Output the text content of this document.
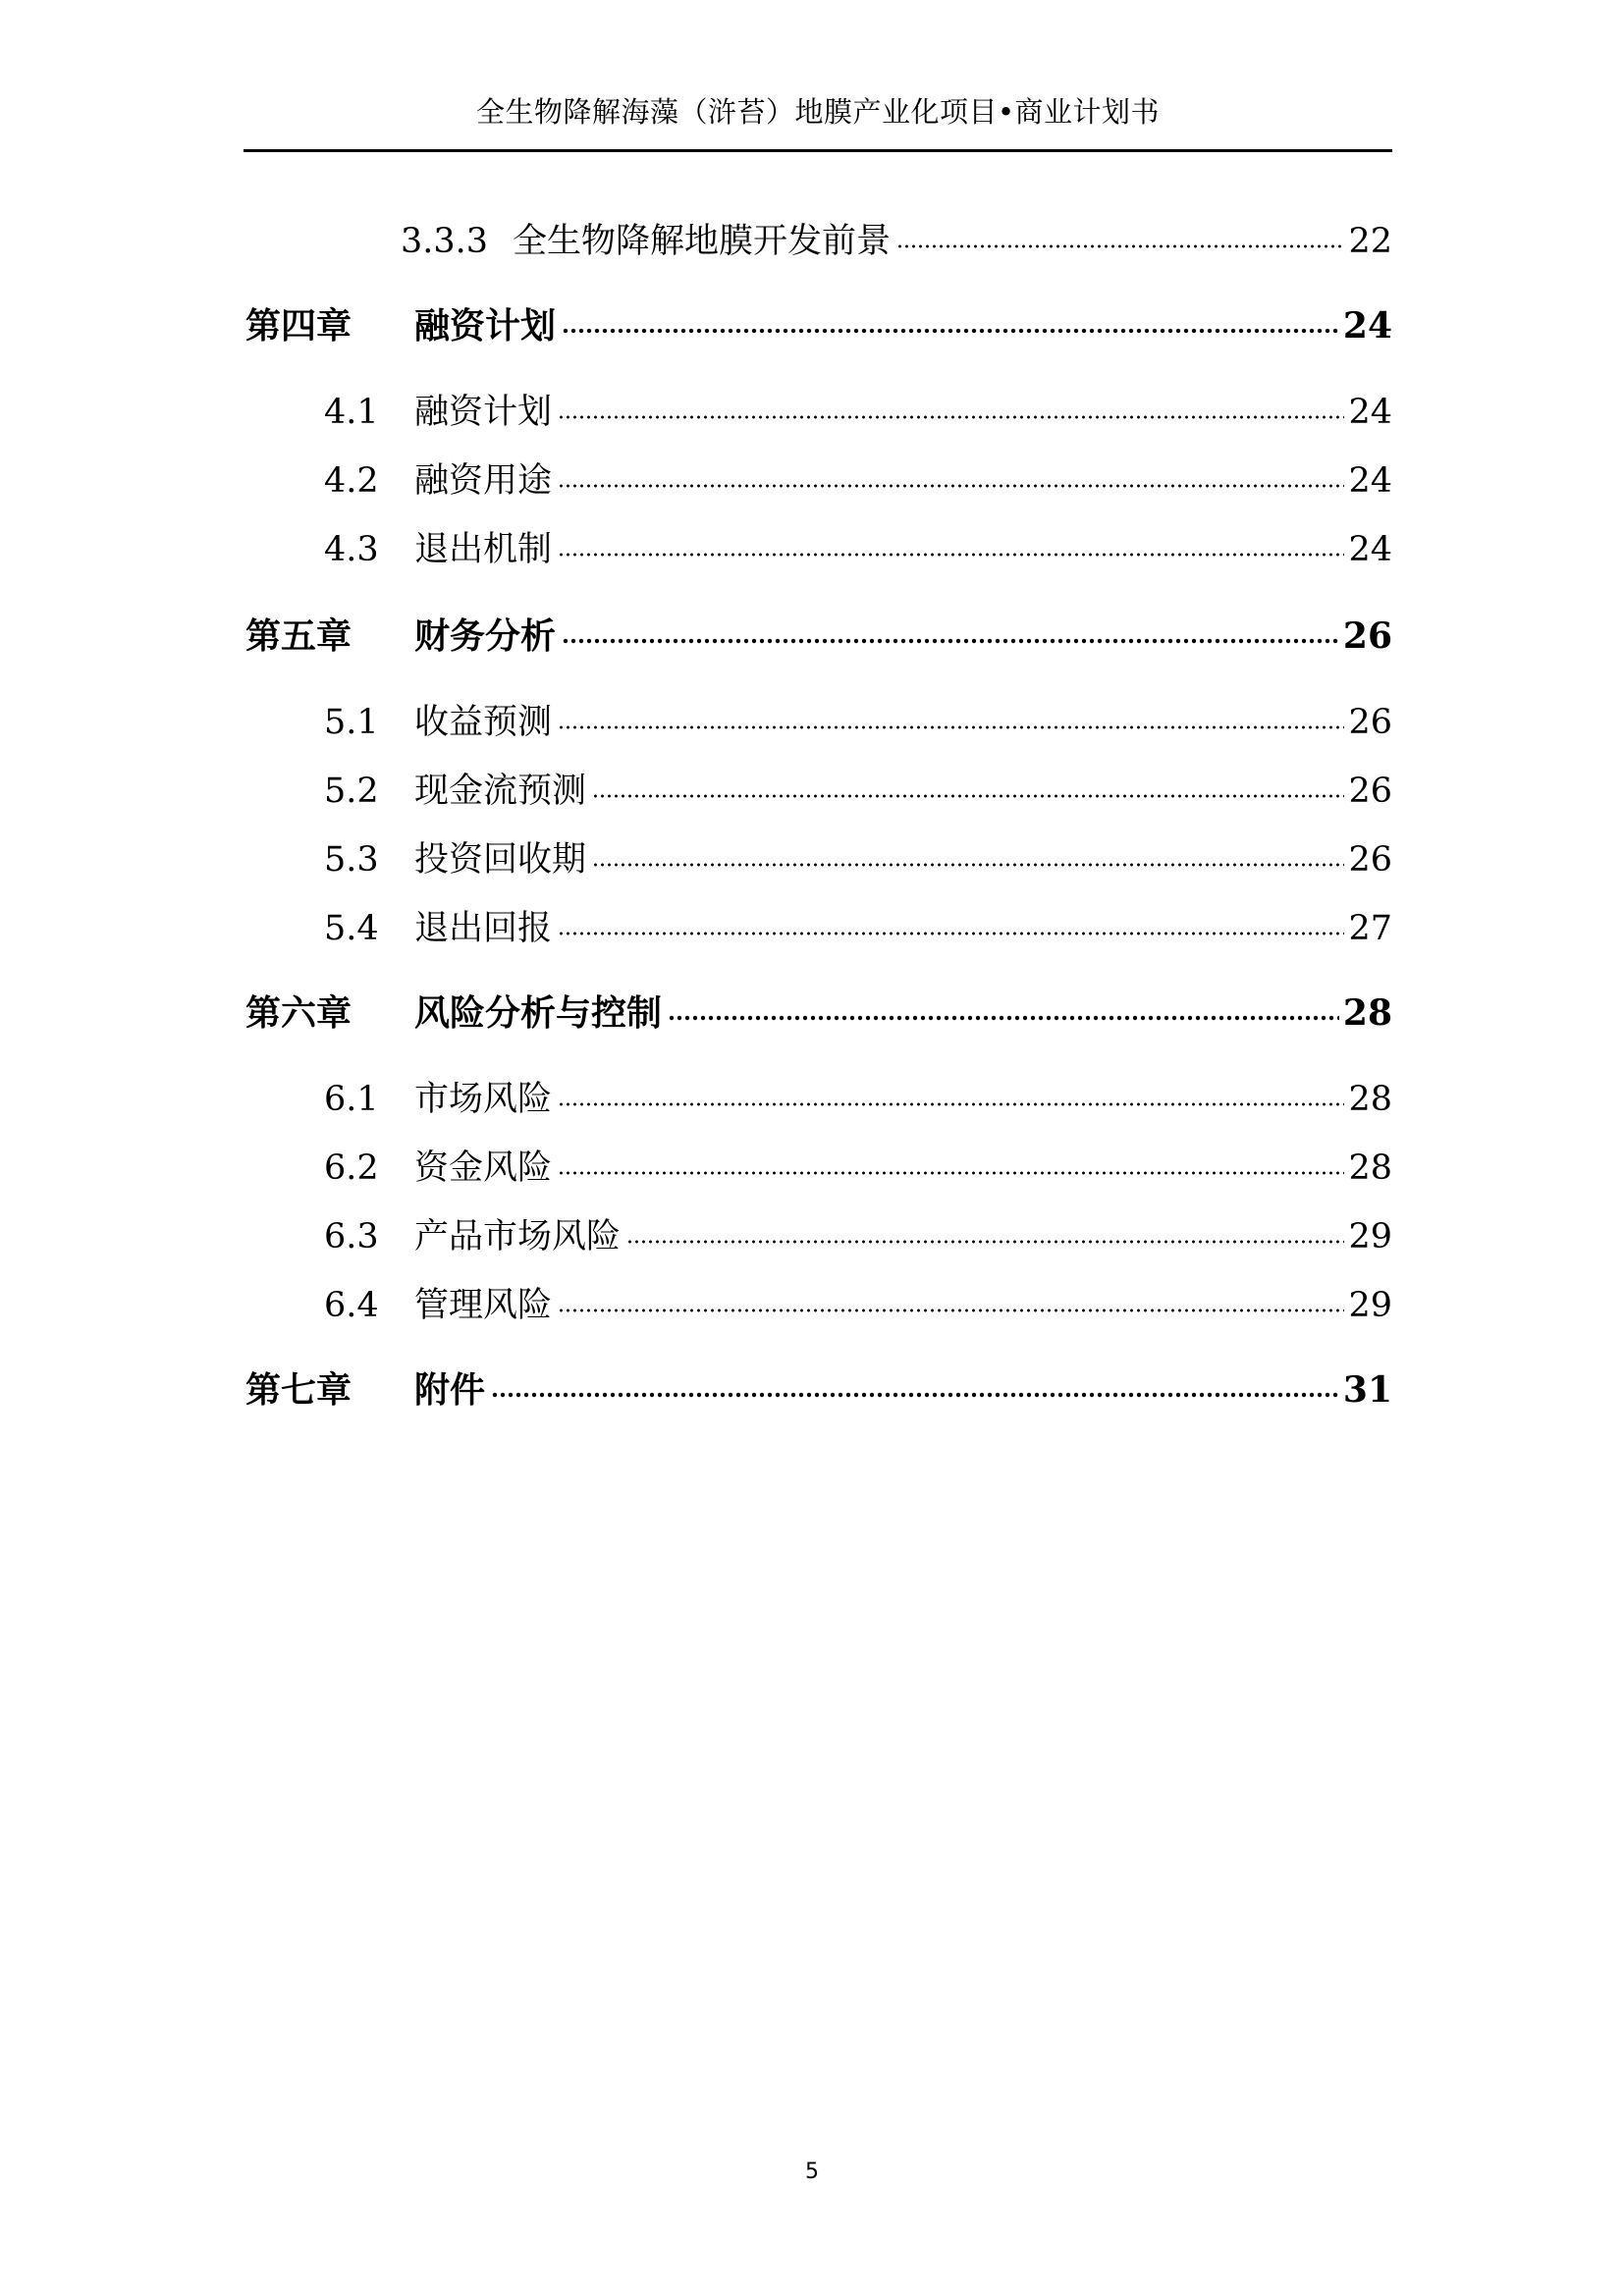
全生物降解海藻（浒苔）地膜产业化项目•商业计划书
3.3.3 全生物降解地膜开发前景	22
第四章	融资计划	24
4.1	融资计划	24
4.2	融资用途	24
4.3	退出机制	24
第五章	财务分析	26
5.1	收益预测	26
5.2	现金流预测	26
5.3	投资回收期	26
5.4	退出回报	27
第六章	风险分析与控制	28
6.1	市场风险	28
6.2	资金风险	28
6.3	产品市场风险	29
6.4	管理风险	29
第七章	附件	31
5
